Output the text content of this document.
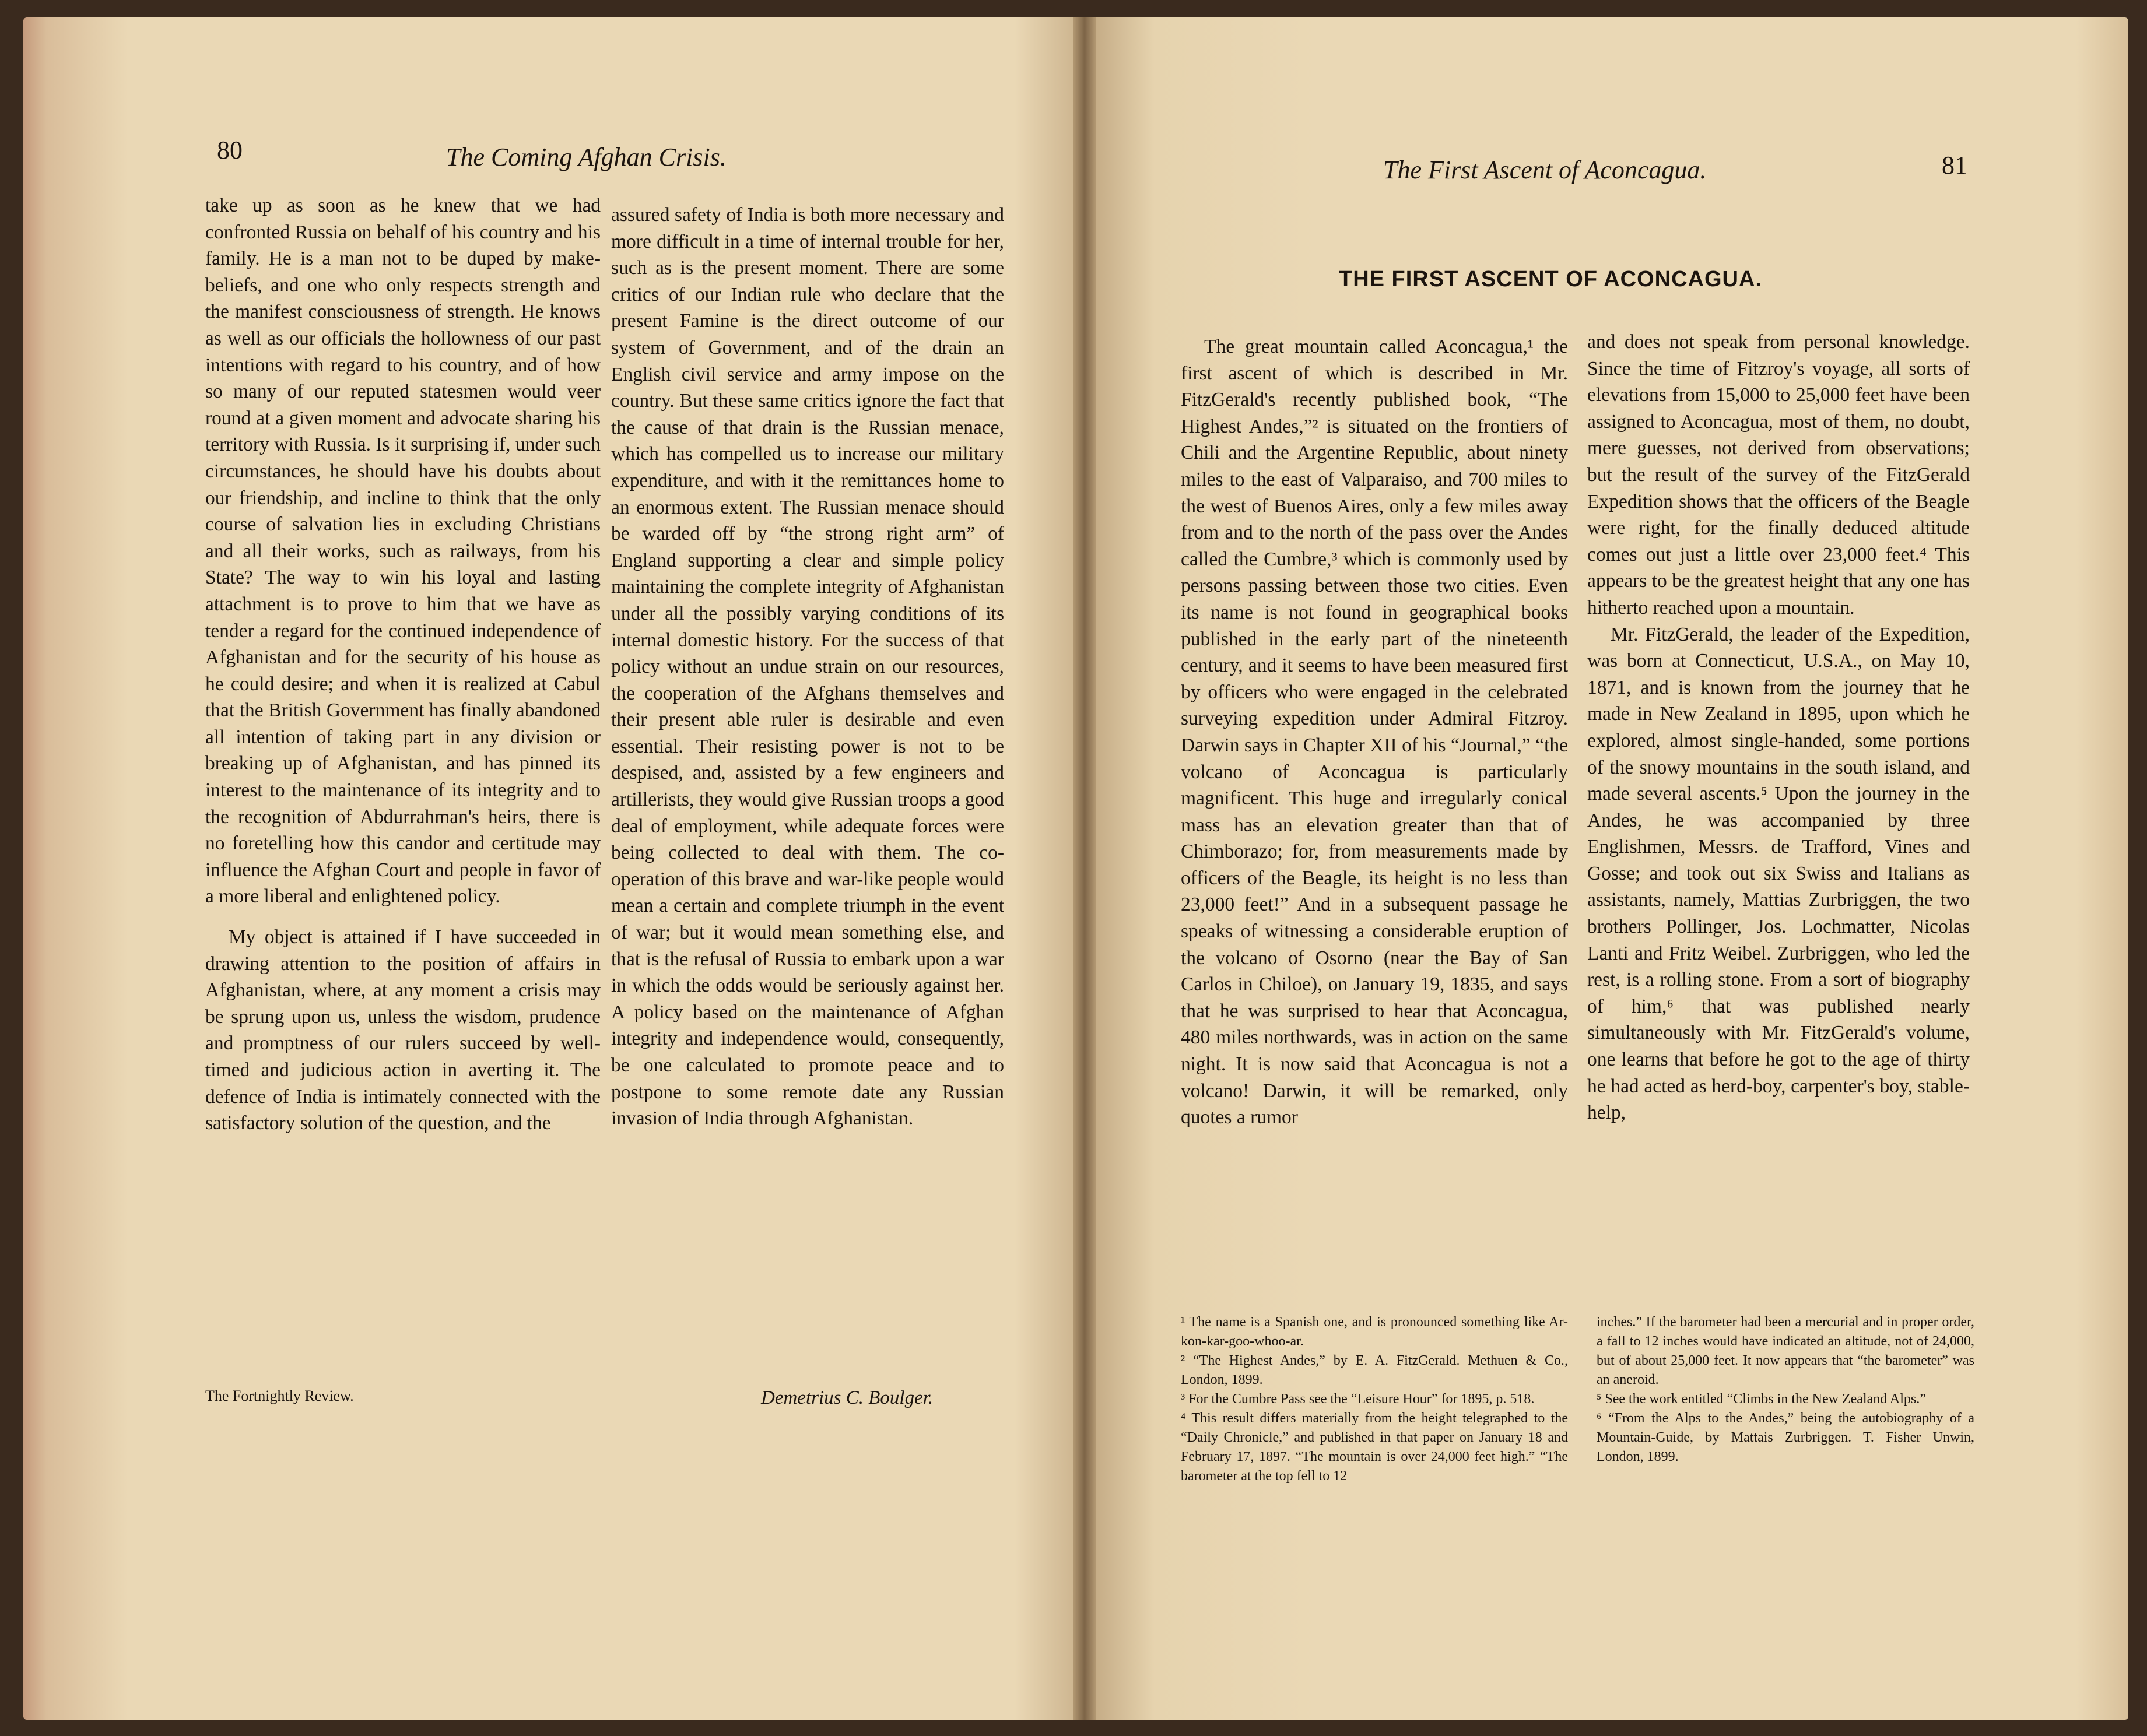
80	The Coming Afghan Crisis.

take up as soon as he knew that we had confronted Russia on behalf of his country and his family. He is a man not to be duped by make-beliefs, and one who only respects strength and the manifest consciousness of strength. He knows as well as our officials the hollowness of our past intentions with regard to his country, and of how so many of our reputed statesmen would veer round at a given moment and advocate sharing his territory with Russia. Is it surprising if, under such circumstances, he should have his doubts about our friendship, and incline to think that the only course of salvation lies in excluding Christians and all their works, such as railways, from his State? The way to win his loyal and lasting attachment is to prove to him that we have as tender a regard for the continued independence of Afghanistan and for the security of his house as he could desire; and when it is realized at Cabul that the British Government has finally abandoned all intention of taking part in any division or breaking up of Afghanistan, and has pinned its interest to the maintenance of its integrity and to the recognition of Abdurrahman's heirs, there is no foretelling how this candor and certitude may influence the Afghan Court and people in favor of a more liberal and enlightened policy.

My object is attained if I have succeeded in drawing attention to the position of affairs in Afghanistan, where, at any moment a crisis may be sprung upon us, unless the wisdom, prudence and promptness of our rulers succeed by well-timed and judicious action in averting it. The defence of India is intimately connected with the satisfactory solution of the question, and the

assured safety of India is both more necessary and more difficult in a time of internal trouble for her, such as is the present moment. There are some critics of our Indian rule who declare that the present Famine is the direct outcome of our system of Government, and of the drain an English civil service and army impose on the country. But these same critics ignore the fact that the cause of that drain is the Russian menace, which has compelled us to increase our military expenditure, and with it the remittances home to an enormous extent. The Russian menace should be warded off by “the strong right arm” of England supporting a clear and simple policy maintaining the complete integrity of Afghanistan under all the possibly varying conditions of its internal domestic history. For the success of that policy without an undue strain on our resources, the cooperation of the Afghans themselves and their present able ruler is desirable and even essential. Their resisting power is not to be despised, and, assisted by a few engineers and artillerists, they would give Russian troops a good deal of employment, while adequate forces were being collected to deal with them. The co-operation of this brave and war-like people would mean a certain and complete triumph in the event of war; but it would mean something else, and that is the refusal of Russia to embark upon a war in which the odds would be seriously against her. A policy based on the maintenance of Afghan integrity and independence would, consequently, be one calculated to promote peace and to postpone to some remote date any Russian invasion of India through Afghanistan.

The Fortnightly Review.	Demetrius C. Boulger.
The First Ascent of Aconcagua.	81
THE FIRST ASCENT OF ACONCAGUA.

The great mountain called Aconcagua,¹ the first ascent of which is described in Mr. FitzGerald's recently published book, “The Highest Andes,”² is situated on the frontiers of Chili and the Argentine Republic, about ninety miles to the east of Valparaiso, and 700 miles to the west of Buenos Aires, only a few miles away from and to the north of the pass over the Andes called the Cumbre,³ which is commonly used by persons passing between those two cities. Even its name is not found in geographical books published in the early part of the nineteenth century, and it seems to have been measured first by officers who were engaged in the celebrated surveying expedition under Admiral Fitzroy. Darwin says in Chapter XII of his “Journal,” “the volcano of Aconcagua is particularly magnificent. This huge and irregularly conical mass has an elevation greater than that of Chimborazo; for, from measurements made by officers of the Beagle, its height is no less than 23,000 feet!” And in a subsequent passage he speaks of witnessing a considerable eruption of the volcano of Osorno (near the Bay of San Carlos in Chiloe), on January 19, 1835, and says that he was surprised to hear that Aconcagua, 480 miles northwards, was in action on the same night. It is now said that Aconcagua is not a volcano! Darwin, it will be remarked, only quotes a rumor

and does not speak from personal knowledge. Since the time of Fitzroy's voyage, all sorts of elevations from 15,000 to 25,000 feet have been assigned to Aconcagua, most of them, no doubt, mere guesses, not derived from observations; but the result of the survey of the FitzGerald Expedition shows that the officers of the Beagle were right, for the finally deduced altitude comes out just a little over 23,000 feet.⁴ This appears to be the greatest height that any one has hitherto reached upon a mountain.

Mr. FitzGerald, the leader of the Expedition, was born at Connecticut, U.S.A., on May 10, 1871, and is known from the journey that he made in New Zealand in 1895, upon which he explored, almost single-handed, some portions of the snowy mountains in the south island, and made several ascents.⁵ Upon the journey in the Andes, he was accompanied by three Englishmen, Messrs. de Trafford, Vines and Gosse; and took out six Swiss and Italians as assistants, namely, Mattias Zurbriggen, the two brothers Pollinger, Jos. Lochmatter, Nicolas Lanti and Fritz Weibel. Zurbriggen, who led the rest, is a rolling stone. From a sort of biography of him,⁶ that was published nearly simultaneously with Mr. FitzGerald's volume, one learns that before he got to the age of thirty he had acted as herd-boy, carpenter's boy, stable-help,

¹ The name is a Spanish one, and is pronounced something like Ar-kon-kar-goo-whoo-ar.

² “The Highest Andes,” by E. A. FitzGerald. Methuen & Co., London, 1899.

³ For the Cumbre Pass see the “Leisure Hour” for 1895, p. 518.

⁴ This result differs materially from the height telegraphed to the “Daily Chronicle,” and published in that paper on January 18 and February 17, 1897. “The mountain is over 24,000 feet high.” “The barometer at the top fell to 12

inches.” If the barometer had been a mercurial and in proper order, a fall to 12 inches would have indicated an altitude, not of 24,000, but of about 25,000 feet. It now appears that “the barometer” was an aneroid.

⁵ See the work entitled “Climbs in the New Zealand Alps.”

⁶ “From the Alps to the Andes,” being the autobiography of a Mountain-Guide, by Mattais Zurbriggen. T. Fisher Unwin, London, 1899.
